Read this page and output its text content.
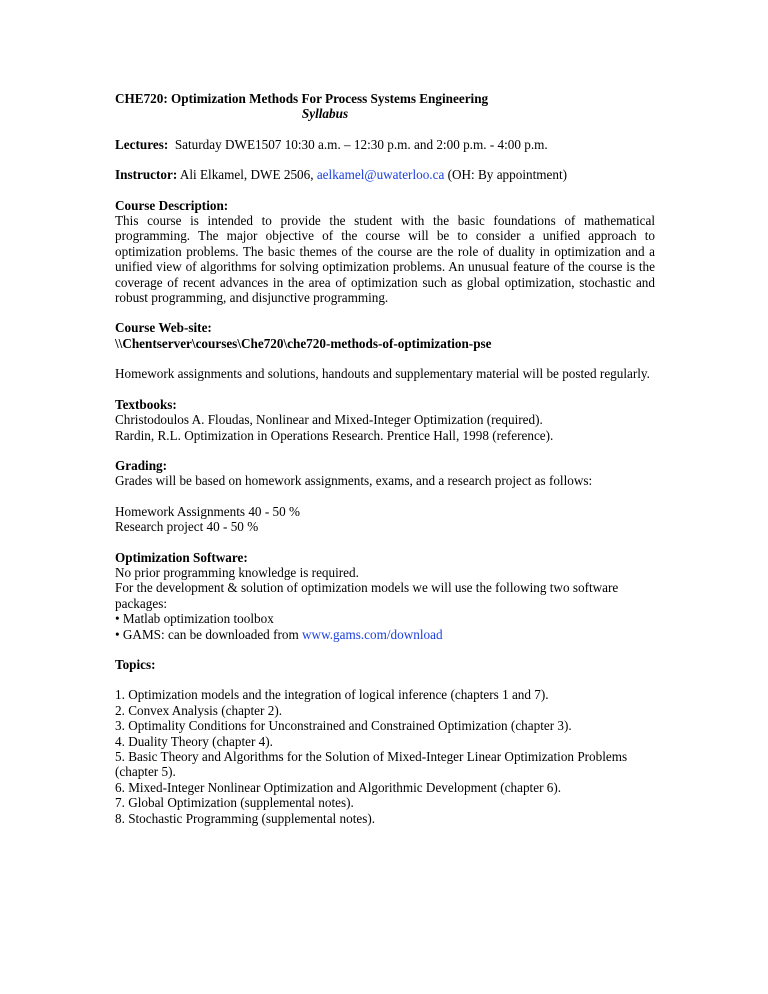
CHE720: Optimization Methods For Process Systems Engineering

Syllabus

Lectures: Saturday DWE1507 10:30 a.m. – 12:30 p.m. and 2:00 p.m. - 4:00 p.m.

Instructor: Ali Elkamel, DWE 2506, aelkamel@uwaterloo.ca (OH: By appointment)

Course Description:

This course is intended to provide the student with the basic foundations of mathematical programming. The major objective of the course will be to consider a unified approach to optimization problems. The basic themes of the course are the role of duality in optimization and a unified view of algorithms for solving optimization problems. An unusual feature of the course is the coverage of recent advances in the area of optimization such as global optimization, stochastic and robust programming, and disjunctive programming.

Course Web-site:

\\Chentserver\courses\Che720\che720-methods-of-optimization-pse

Homework assignments and solutions, handouts and supplementary material will be posted regularly.

Textbooks:

Christodoulos A. Floudas, Nonlinear and Mixed-Integer Optimization (required).

Rardin, R.L. Optimization in Operations Research. Prentice Hall, 1998 (reference).

Grading:

Grades will be based on homework assignments, exams, and a research project as follows:

Homework Assignments 40 - 50 %

Research project 40 - 50 %

Optimization Software:

No prior programming knowledge is required.

For the development & solution of optimization models we will use the following two software packages:

• Matlab optimization toolbox

• GAMS: can be downloaded from www.gams.com/download

Topics:

1. Optimization models and the integration of logical inference (chapters 1 and 7).
2. Convex Analysis (chapter 2).
3. Optimality Conditions for Unconstrained and Constrained Optimization (chapter 3).
4. Duality Theory (chapter 4).
5. Basic Theory and Algorithms for the Solution of Mixed-Integer Linear Optimization Problems (chapter 5).
6. Mixed-Integer Nonlinear Optimization and Algorithmic Development (chapter 6).
7. Global Optimization (supplemental notes).
8. Stochastic Programming (supplemental notes).
